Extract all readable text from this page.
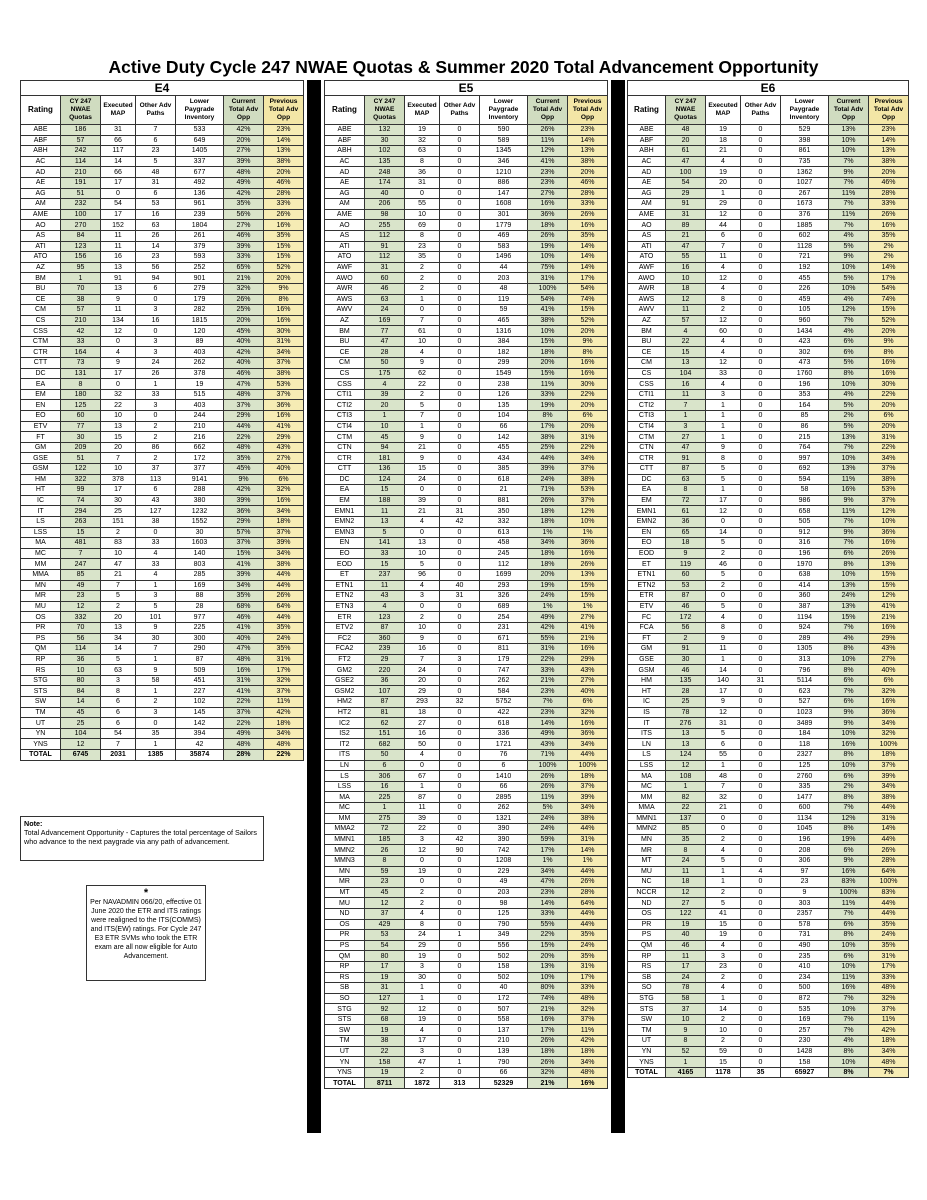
Active Duty Cycle 247 NWAE Quotas & Summer 2020 Total Advancement Opportunity
E4						
Rating	CY 247 NWAE Quotas	Executed MAP	Other Adv Paths	Lower Paygrade Inventory	Current Total Adv Opp	Previous Total Adv Opp
ABE	186	31	7	533	42%	23%
ABF	57	66	6	649	20%	14%
ABH	242	117	23	1405	27%	13%
AC	114	14	5	337	39%	38%
AD	210	66	48	677	48%	20%
AE	191	17	31	492	49%	46%
AG	51	0	6	136	42%	28%
AM	232	54	53	961	35%	33%
AME	100	17	16	239	56%	26%
AO	270	152	63	1804	27%	16%
AS	84	11	26	261	46%	35%
ATI	123	11	14	379	39%	15%
ATO	156	16	23	593	33%	15%
AZ	95	13	56	252	65%	52%
BM	1	91	94	901	21%	20%
BU	70	13	6	279	32%	9%
CE	38	9	0	179	26%	8%
CM	57	11	3	282	25%	16%
CS	210	134	16	1815	20%	16%
CSS	42	12	0	120	45%	30%
CTM	33	0	3	89	40%	31%
CTR	164	4	3	403	42%	34%
CTT	73	9	24	262	40%	37%
DC	131	17	26	378	46%	38%
EA	8	0	1	19	47%	53%
EM	180	32	33	515	48%	37%
EN	125	22	3	403	37%	36%
EO	60	10	0	244	29%	16%
ETV	77	13	2	210	44%	41%
FT	30	15	2	216	22%	29%
GM	209	20	86	662	48%	43%
GSE	51	7	2	172	35%	27%
GSM	122	10	37	377	45%	40%
HM	322	378	113	9141	9%	6%
HT	99	17	6	288	42%	32%
IC	74	30	43	380	39%	16%
IT	294	25	127	1232	36%	34%
LS	263	151	38	1552	29%	18%
LSS	15	2	0	30	57%	37%
MA	481	83	33	1603	37%	39%
MC	7	10	4	140	15%	34%
MM	247	47	33	803	41%	38%
MMA	85	21	4	285	39%	44%
MN	49	7	1	169	34%	44%
MR	23	5	3	88	35%	26%
MU	12	2	5	28	68%	64%
OS	332	20	101	977	46%	44%
PR	70	13	9	225	41%	35%
PS	56	34	30	300	40%	24%
QM	114	14	7	290	47%	35%
RP	36	5	1	87	48%	31%
RS	10	63	9	509	16%	17%
STG	80	3	58	451	31%	32%
STS	84	8	1	227	41%	37%
SW	14	6	2	102	22%	11%
TM	45	6	3	145	37%	42%
UT	25	6	0	142	22%	18%
YN	104	54	35	394	49%	34%
YNS	12	7	1	42	48%	48%
TOTAL	6745	2031	1385	35874	28%	22%
E5						
Rating	CY 247 NWAE Quotas	Executed MAP	Other Adv Paths	Lower Paygrade Inventory	Current Total Adv Opp	Previous Total Adv Opp
ABE	132	19	0	590	26%	23%
ABF	30	32	0	589	11%	14%
ABH	102	63	0	1345	12%	13%
AC	135	8	0	346	41%	38%
AD	248	36	0	1210	23%	20%
AE	174	31	0	886	23%	46%
AG	40	0	0	147	27%	28%
AM	206	55	0	1608	16%	33%
AME	98	10	0	301	36%	26%
AO	255	69	0	1779	18%	16%
AS	112	8	0	469	26%	35%
ATI	91	23	0	583	19%	14%
ATO	112	35	0	1496	10%	14%
AWF	31	2	0	44	75%	14%
AWO	60	2	0	203	31%	17%
AWR	46	2	0	48	100%	54%
AWS	63	1	0	119	54%	74%
AWV	24	0	0	59	41%	15%
AZ	169	7	0	465	38%	52%
BM	77	61	0	1316	10%	20%
BU	47	10	0	384	15%	9%
CE	28	4	0	182	18%	8%
CM	50	9	0	299	20%	16%
CS	175	62	0	1549	15%	16%
CSS	4	22	0	238	11%	30%
CTI1	39	2	0	126	33%	22%
CTI2	20	5	0	135	19%	20%
CTI3	1	7	0	104	8%	6%
CTI4	10	1	0	66	17%	20%
CTM	45	9	0	142	38%	31%
CTN	94	21	0	455	25%	22%
CTR	181	9	0	434	44%	34%
CTT	136	15	0	385	39%	37%
DC	124	24	0	618	24%	38%
EA	15	0	0	21	71%	53%
EM	188	39	0	881	26%	37%
EMN1	11	21	31	350	18%	12%
EMN2	13	4	42	332	18%	10%
EMN3	5	0	0	613	1%	1%
EN	141	13	0	458	34%	36%
EO	33	10	0	245	18%	16%
EOD	15	5	0	112	18%	26%
ET	237	96	0	1699	20%	13%
ETN1	11	4	40	293	19%	15%
ETN2	43	3	31	326	24%	15%
ETN3	4	0	0	689	1%	1%

* ETR	123	2	0	254	49%	27%
ETV2	87	10	0	231	42%	41%
FC2	360	9	0	671	55%	21%
FCA2	239	16	0	811	31%	16%
FT2	29	7	3	179	22%	29%
GM2	220	24	0	747	33%	43%
GSE2	36	20	0	262	21%	27%
GSM2	107	29	0	584	23%	40%
HM2	87	293	32	5752	7%	6%
HT2	81	18	0	422	23%	32%
IC2	62	27	0	618	14%	16%
IS2	151	16	0	336	49%	36%
IT2	682	50	0	1721	43%	34%

* ITS	50	4	0	76	71%	44%
LN	6	0	0	6	100%	100%
LS	306	67	0	1410	26%	18%
LSS	16	1	0	66	26%	37%
MA	225	87	0	2895	11%	39%
MC	1	11	0	262	5%	34%
MM	275	39	0	1321	24%	38%
MMA2	72	22	0	390	24%	44%
MMN1	185	3	42	390	59%	31%
MMN2	26	12	90	742	17%	14%
MMN3	8	0	0	1208	1%	1%
MN	59	19	0	229	34%	44%
MR	23	0	0	49	47%	26%
MT	45	2	0	203	23%	28%
MU	12	2	0	98	14%	64%
ND	37	4	0	125	33%	44%
OS	429	8	0	790	55%	44%
PR	53	24	1	349	22%	35%
PS	54	29	0	556	15%	24%
QM	80	19	0	502	20%	35%
RP	17	3	0	158	13%	31%
RS	19	30	0	502	10%	17%
SB	31	1	0	40	80%	33%
SO	127	1	0	172	74%	48%
STG	92	12	0	507	21%	32%
STS	68	19	0	558	16%	37%
SW	19	4	0	137	17%	11%
TM	38	17	0	210	26%	42%
UT	22	3	0	139	18%	18%
YN	158	47	1	790	26%	34%
YNS	19	2	0	66	32%	48%
TOTAL	8711	1872	313	52329	21%	16%
E6						
Rating	CY 247 NWAE Quotas	Executed MAP	Other Adv Paths	Lower Paygrade Inventory	Current Total Adv Opp	Previous Total Adv Opp
ABE	48	19	0	529	13%	23%
ABF	20	18	0	398	10%	14%
ABH	61	21	0	861	10%	13%
AC	47	4	0	735	7%	38%
AD	100	19	0	1362	9%	20%
AE	54	20	0	1027	7%	46%
AG	29	1	0	267	11%	28%
AM	91	29	0	1673	7%	33%
AME	31	12	0	376	11%	26%
AO	89	44	0	1885	7%	16%
AS	21	6	0	602	4%	35%
ATI	47	7	0	1128	5%	2%
ATO	55	11	0	721	9%	2%
AWF	16	4	0	192	10%	14%
AWO	10	12	0	455	5%	17%
AWR	18	4	0	226	10%	54%
AWS	12	8	0	459	4%	74%
AWV	11	2	0	105	12%	15%
AZ	57	12	0	960	7%	52%
BM	4	60	0	1434	4%	20%
BU	22	4	0	423	6%	9%
CE	15	4	0	302	6%	8%
CM	13	12	0	473	5%	16%
CS	104	33	0	1760	8%	16%
CSS	16	4	0	196	10%	30%
CTI1	11	3	0	353	4%	22%
CTI2	7	1	0	164	5%	20%
CTI3	1	1	0	85	2%	6%
CTI4	3	1	0	86	5%	20%
CTM	27	1	0	215	13%	31%
CTN	47	9	0	764	7%	22%
CTR	91	8	0	997	10%	34%
CTT	87	5	0	692	13%	37%
DC	63	5	0	594	11%	38%
EA	8	1	0	58	16%	53%
EM	72	17	0	986	9%	37%
EMN1	61	12	0	658	11%	12%
EMN2	36	0	0	505	7%	10%
EN	65	14	0	912	9%	36%
EO	18	5	0	316	7%	16%
EOD	9	2	0	196	6%	26%
ET	119	46	0	1970	8%	13%
ETN1	60	5	0	638	10%	15%
ETN2	53	2	0	414	13%	15%

* ETR	87	0	0	360	24%	12%
ETV	46	5	0	387	13%	41%
FC	172	4	0	1194	15%	21%
FCA	56	8	0	924	7%	16%
FT	2	9	0	289	4%	29%
GM	91	11	0	1305	8%	43%
GSE	30	1	0	313	10%	27%
GSM	46	14	0	796	8%	40%
HM	135	140	31	5114	6%	6%
HT	28	17	0	623	7%	32%
IC	25	9	0	527	6%	16%
IS	78	12	0	1023	9%	36%
IT	276	31	0	3489	9%	34%

* ITS	13	5	0	184	10%	32%
LN	13	6	0	118	16%	100%
LS	124	55	0	2327	8%	18%
LSS	12	1	0	125	10%	37%
MA	108	48	0	2760	6%	39%
MC	1	7	0	335	2%	34%
MM	82	32	0	1477	8%	38%
MMA	22	21	0	600	7%	44%
MMN1	137	0	0	1134	12%	31%
MMN2	85	0	0	1045	8%	14%
MN	35	2	0	196	19%	44%
MR	8	4	0	208	6%	26%
MT	24	5	0	306	9%	28%
MU	11	1	4	97	16%	64%
NC	18	1	0	23	83%	100%
NCCR	12	2	0	9	100%	83%
ND	27	5	0	303	11%	44%
OS	122	41	0	2357	7%	44%
PR	19	15	0	578	6%	35%
PS	40	19	0	731	8%	24%
QM	46	4	0	490	10%	35%
RP	11	3	0	235	6%	31%
RS	17	23	0	410	10%	17%
SB	24	2	0	234	11%	33%
SO	78	4	0	500	16%	48%
STG	58	1	0	872	7%	32%
STS	37	14	0	535	10%	37%
SW	10	2	0	169	7%	11%
TM	9	10	0	257	7%	42%
UT	8	2	0	230	4%	18%
YN	52	59	0	1428	8%	34%
YNS	1	15	0	158	10%	48%
TOTAL	4165	1178	35	65927	8%	7%
Note:
Total Advancement Opportunity - Captures the total percentage of Sailors who advance to the next paygrade via any path of advancement.
*
Per NAVADMIN 066/20, effective 01 June 2020 the ETR and ITS ratings were realigned to the ITS(COMMS) and ITS(EW) ratings. For Cycle 247 E3 ETR SVMs who took the ETR exam are all now eligible for Auto Advancement.
